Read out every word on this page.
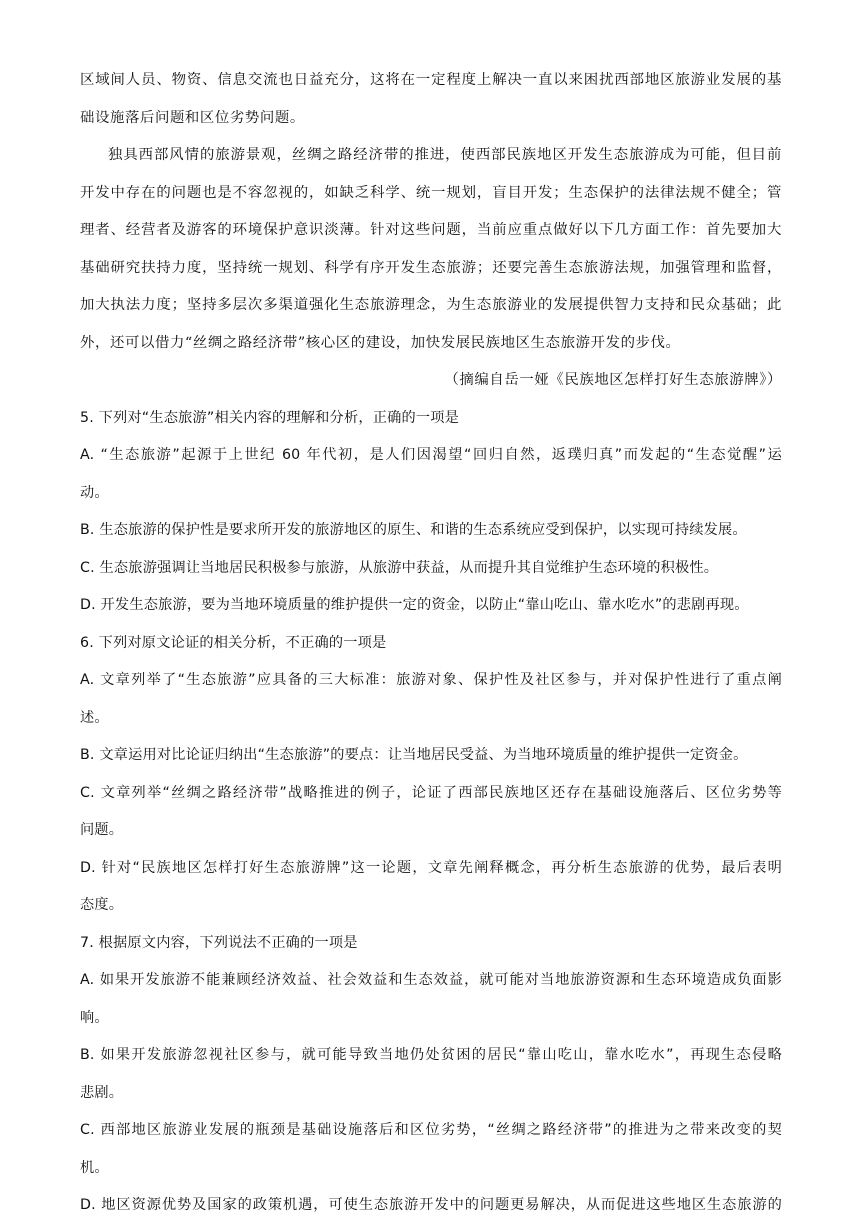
区域间人员、物资、信息交流也日益充分，这将在一定程度上解决一直以来困扰西部地区旅游业发展的基
础设施落后问题和区位劣势问题。
独具西部风情的旅游景观，丝绸之路经济带的推进，使西部民族地区开发生态旅游成为可能，但目前
开发中存在的问题也是不容忽视的，如缺乏科学、统一规划，盲目开发；生态保护的法律法规不健全；管
理者、经营者及游客的环境保护意识淡薄。针对这些问题，当前应重点做好以下几方面工作：首先要加大
基础研究扶持力度，坚持统一规划、科学有序开发生态旅游；还要完善生态旅游法规，加强管理和监督，
加大执法力度；坚持多层次多渠道强化生态旅游理念，为生态旅游业的发展提供智力支持和民众基础；此
外，还可以借力“丝绸之路经济带”核心区的建设，加快发展民族地区生态旅游开发的步伐。
（摘编自岳一娅《民族地区怎样打好生态旅游牌》）
5. 下列对“生态旅游”相关内容的理解和分析，正确的一项是
A. “生态旅游”起源于上世纪 60 年代初，是人们因渴望“回归自然，返璞归真”而发起的“生态觉醒”运
动。
B. 生态旅游的保护性是要求所开发的旅游地区的原生、和谐的生态系统应受到保护，以实现可持续发展。
C. 生态旅游强调让当地居民积极参与旅游，从旅游中获益，从而提升其自觉维护生态环境的积极性。
D. 开发生态旅游，要为当地环境质量的维护提供一定的资金，以防止“靠山吃山、靠水吃水”的悲剧再现。
6. 下列对原文论证的相关分析，不正确的一项是
A. 文章列举了“生态旅游”应具备的三大标准：旅游对象、保护性及社区参与，并对保护性进行了重点阐
述。
B. 文章运用对比论证归纳出“生态旅游”的要点：让当地居民受益、为当地环境质量的维护提供一定资金。
C. 文章列举“丝绸之路经济带”战略推进的例子，论证了西部民族地区还存在基础设施落后、区位劣势等
问题。
D. 针对“民族地区怎样打好生态旅游牌”这一论题，文章先阐释概念，再分析生态旅游的优势，最后表明
态度。
7. 根据原文内容，下列说法不正确的一项是
A. 如果开发旅游不能兼顾经济效益、社会效益和生态效益，就可能对当地旅游资源和生态环境造成负面影
响。
B. 如果开发旅游忽视社区参与，就可能导致当地仍处贫困的居民“靠山吃山，靠水吃水”，再现生态侵略
悲剧。
C. 西部地区旅游业发展的瓶颈是基础设施落后和区位劣势，“丝绸之路经济带”的推进为之带来改变的契
机。
D. 地区资源优势及国家的政策机遇，可使生态旅游开发中的问题更易解决，从而促进这些地区生态旅游的
